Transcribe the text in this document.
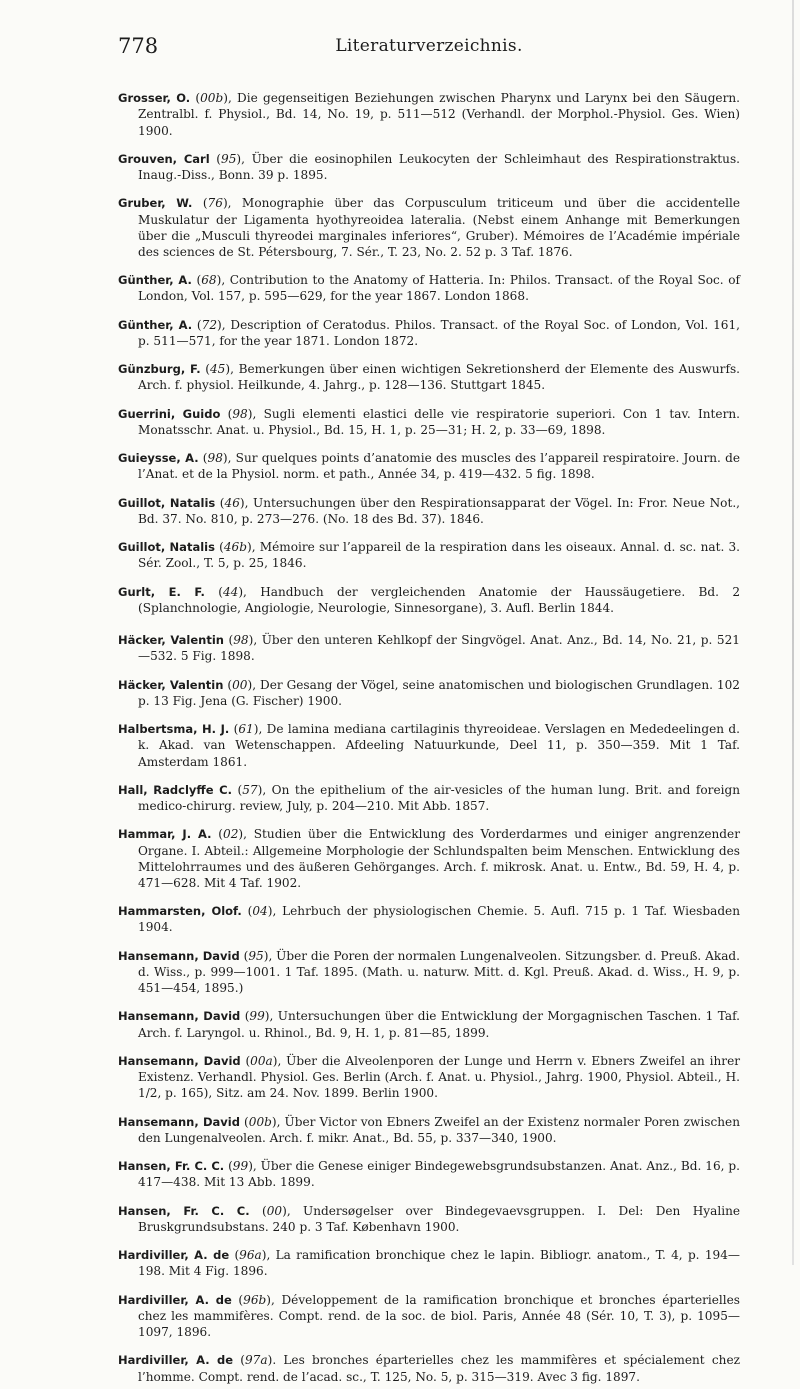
778	Literaturverzeichnis.

Grosser, O. (00b), Die gegenseitigen Beziehungen zwischen Pharynx und Larynx bei den Säugern. Zentralbl. f. Physiol., Bd. 14, No. 19, p. 511—512 (Verhandl. der Morphol.-Physiol. Ges. Wien) 1900.

Grouven, Carl (95), Über die eosinophilen Leukocyten der Schleimhaut des Respirationstraktus. Inaug.-Diss., Bonn. 39 p. 1895.

Gruber, W. (76), Monographie über das Corpusculum triticeum und über die accidentelle Muskulatur der Ligamenta hyothyreoidea lateralia. (Nebst einem Anhange mit Bemerkungen über die „Musculi thyreodei marginales inferiores“, Gruber). Mémoires de l’Académie impériale des sciences de St. Pétersbourg, 7. Sér., T. 23, No. 2. 52 p. 3 Taf. 1876.

Günther, A. (68), Contribution to the Anatomy of Hatteria. In: Philos. Transact. of the Royal Soc. of London, Vol. 157, p. 595—629, for the year 1867. London 1868.

Günther, A. (72), Description of Ceratodus. Philos. Transact. of the Royal Soc. of London, Vol. 161, p. 511—571, for the year 1871. London 1872.

Günzburg, F. (45), Bemerkungen über einen wichtigen Sekretionsherd der Elemente des Auswurfs. Arch. f. physiol. Heilkunde, 4. Jahrg., p. 128—136. Stuttgart 1845.

Guerrini, Guido (98), Sugli elementi elastici delle vie respiratorie superiori. Con 1 tav. Intern. Monatsschr. Anat. u. Physiol., Bd. 15, H. 1, p. 25—31; H. 2, p. 33—69, 1898.

Guieysse, A. (98), Sur quelques points d’anatomie des muscles des l’appareil respiratoire. Journ. de l’Anat. et de la Physiol. norm. et path., Année 34, p. 419—432. 5 fig. 1898.

Guillot, Natalis (46), Untersuchungen über den Respirationsapparat der Vögel. In: Fror. Neue Not., Bd. 37. No. 810, p. 273—276. (No. 18 des Bd. 37). 1846.

Guillot, Natalis (46b), Mémoire sur l’appareil de la respiration dans les oiseaux. Annal. d. sc. nat. 3. Sér. Zool., T. 5, p. 25, 1846.

Gurlt, E. F. (44), Handbuch der vergleichenden Anatomie der Haussäugetiere. Bd. 2 (Splanchnologie, Angiologie, Neurologie, Sinnesorgane), 3. Aufl. Berlin 1844.

Häcker, Valentin (98), Über den unteren Kehlkopf der Singvögel. Anat. Anz., Bd. 14, No. 21, p. 521—532. 5 Fig. 1898.

Häcker, Valentin (00), Der Gesang der Vögel, seine anatomischen und biologischen Grundlagen. 102 p. 13 Fig. Jena (G. Fischer) 1900.

Halbertsma, H. J. (61), De lamina mediana cartilaginis thyreoideae. Verslagen en Mededeelingen d. k. Akad. van Wetenschappen. Afdeeling Natuurkunde, Deel 11, p. 350—359. Mit 1 Taf. Amsterdam 1861.

Hall, Radclyffe C. (57), On the epithelium of the air-vesicles of the human lung. Brit. and foreign medico-chirurg. review, July, p. 204—210. Mit Abb. 1857.

Hammar, J. A. (02), Studien über die Entwicklung des Vorderdarmes und einiger angrenzender Organe. I. Abteil.: Allgemeine Morphologie der Schlundspalten beim Menschen. Entwicklung des Mittelohrraumes und des äußeren Gehörganges. Arch. f. mikrosk. Anat. u. Entw., Bd. 59, H. 4, p. 471—628. Mit 4 Taf. 1902.

Hammarsten, Olof. (04), Lehrbuch der physiologischen Chemie. 5. Aufl. 715 p. 1 Taf. Wiesbaden 1904.

Hansemann, David (95), Über die Poren der normalen Lungenalveolen. Sitzungsber. d. Preuß. Akad. d. Wiss., p. 999—1001. 1 Taf. 1895. (Math. u. naturw. Mitt. d. Kgl. Preuß. Akad. d. Wiss., H. 9, p. 451—454, 1895.)

Hansemann, David (99), Untersuchungen über die Entwicklung der Morgagnischen Taschen. 1 Taf. Arch. f. Laryngol. u. Rhinol., Bd. 9, H. 1, p. 81—85, 1899.

Hansemann, David (00a), Über die Alveolenporen der Lunge und Herrn v. Ebners Zweifel an ihrer Existenz. Verhandl. Physiol. Ges. Berlin (Arch. f. Anat. u. Physiol., Jahrg. 1900, Physiol. Abteil., H. 1/2, p. 165), Sitz. am 24. Nov. 1899. Berlin 1900.

Hansemann, David (00b), Über Victor von Ebners Zweifel an der Existenz normaler Poren zwischen den Lungenalveolen. Arch. f. mikr. Anat., Bd. 55, p. 337—340, 1900.

Hansen, Fr. C. C. (99), Über die Genese einiger Bindegewebsgrundsubstanzen. Anat. Anz., Bd. 16, p. 417—438. Mit 13 Abb. 1899.

Hansen, Fr. C. C. (00), Undersøgelser over Bindegevaevsgruppen. I. Del: Den Hyaline Bruskgrundsubstans. 240 p. 3 Taf. København 1900.

Hardiviller, A. de (96a), La ramification bronchique chez le lapin. Bibliogr. anatom., T. 4, p. 194—198. Mit 4 Fig. 1896.

Hardiviller, A. de (96b), Développement de la ramification bronchique et bronches éparterielles chez les mammifères. Compt. rend. de la soc. de biol. Paris, Année 48 (Sér. 10, T. 3), p. 1095—1097, 1896.

Hardiviller, A. de (97a). Les bronches éparterielles chez les mammifères et spécialement chez l’homme. Compt. rend. de l’acad. sc., T. 125, No. 5, p. 315—319. Avec 3 fig. 1897.
